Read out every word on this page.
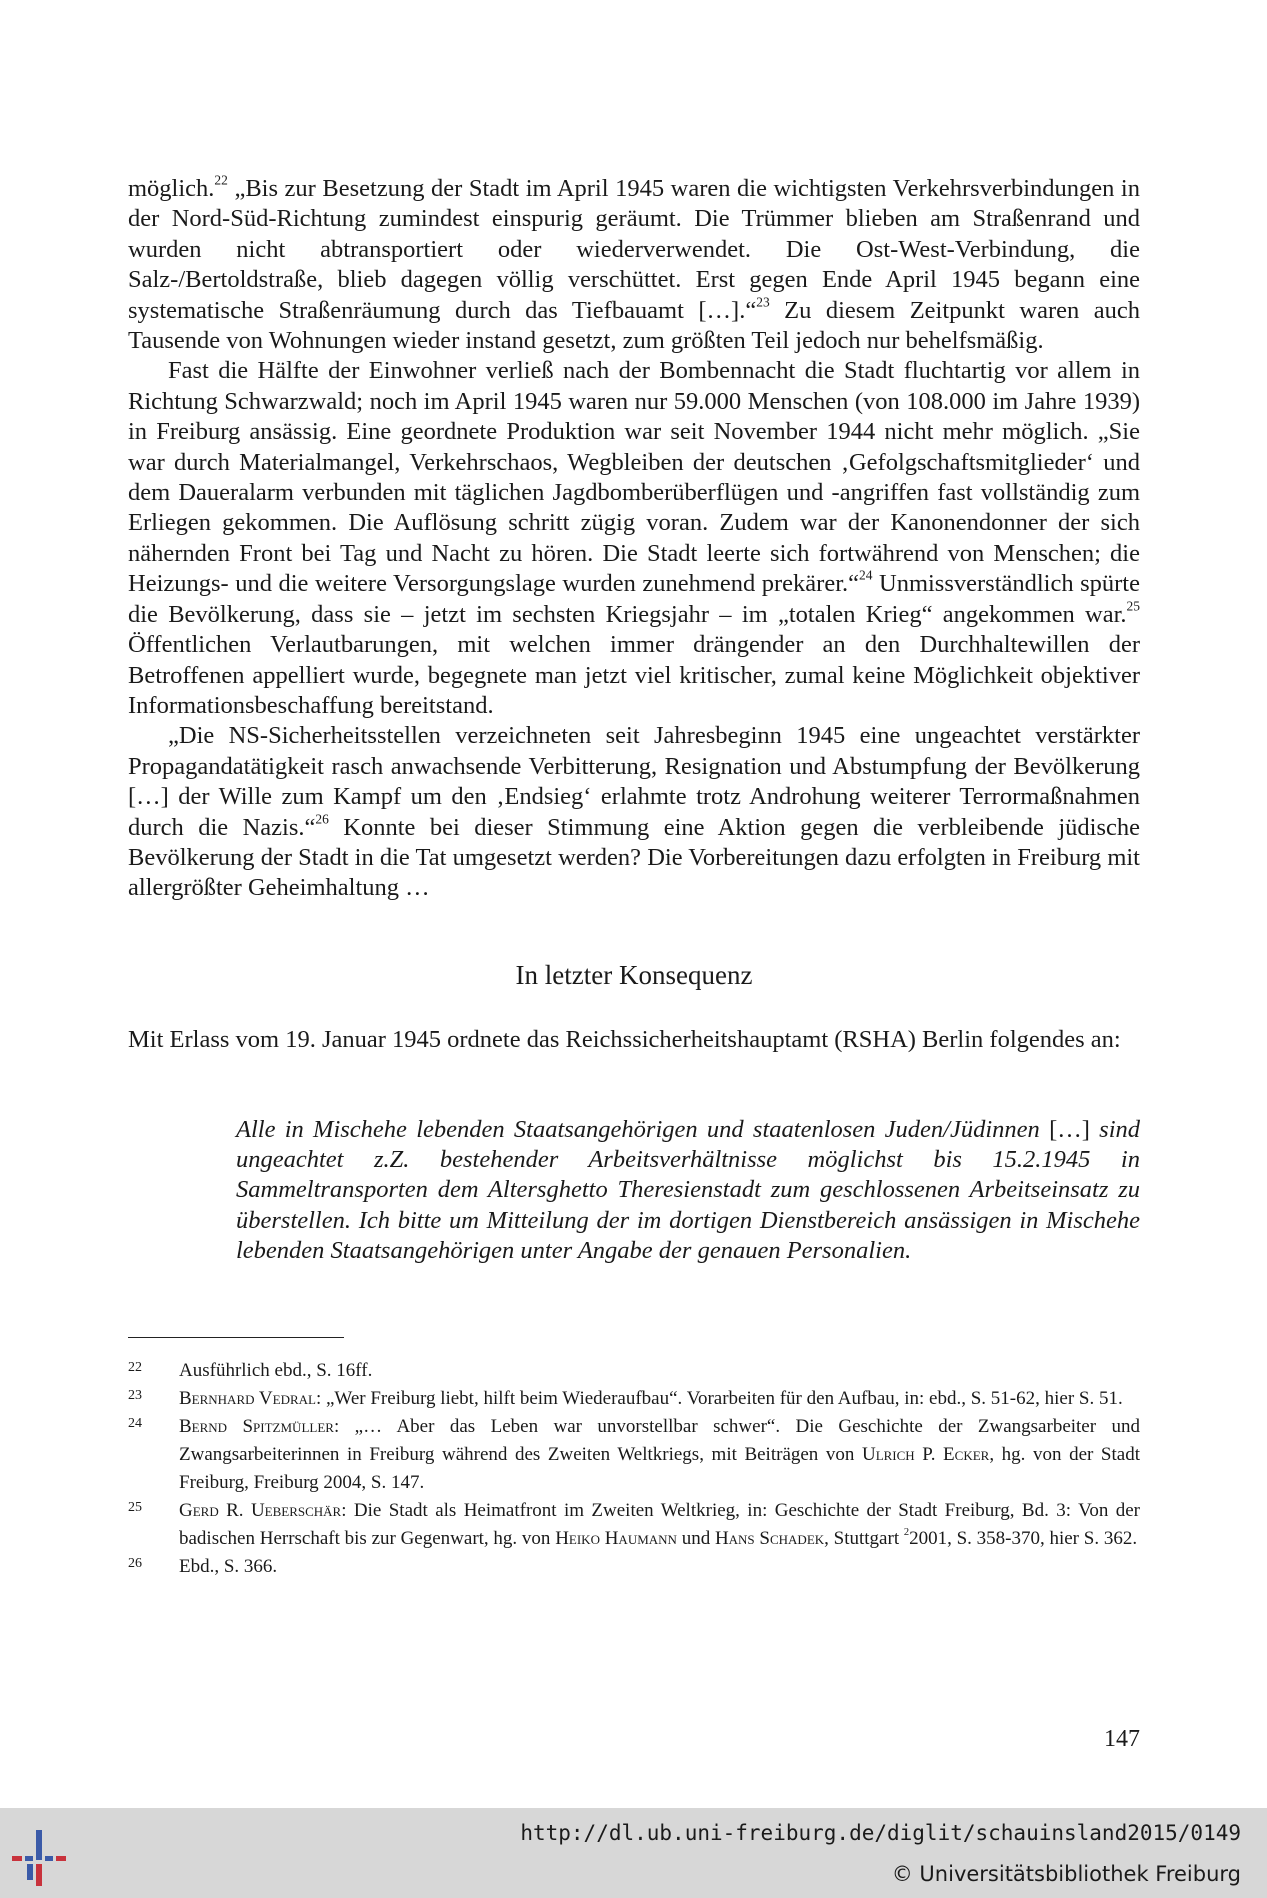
möglich.$^{22}$ „Bis zur Besetzung der Stadt im April 1945 waren die wichtigsten Verkehrsverbindungen in der Nord-Süd-Richtung zumindest einspurig geräumt. Die Trümmer blieben am Straßenrand und wurden nicht abtransportiert oder wiederverwendet. Die Ost-West-Verbindung, die Salz-/Bertoldstraße, blieb dagegen völlig verschüttet. Erst gegen Ende April 1945 begann eine systematische Straßenräumung durch das Tiefbauamt […].“$^{23}$ Zu diesem Zeitpunkt waren auch Tausende von Wohnungen wieder instand gesetzt, zum größten Teil jedoch nur behelfsmäßig.

Fast die Hälfte der Einwohner verließ nach der Bombennacht die Stadt fluchtartig vor allem in Richtung Schwarzwald; noch im April 1945 waren nur 59.000 Menschen (von 108.000 im Jahre 1939) in Freiburg ansässig. Eine geordnete Produktion war seit November 1944 nicht mehr möglich. „Sie war durch Materialmangel, Verkehrschaos, Wegbleiben der deutschen ‚Gefolgschaftsmitglieder‘ und dem Daueralarm verbunden mit täglichen Jagdbomberüberflügen und -angriffen fast vollständig zum Erliegen gekommen. Die Auflösung schritt zügig voran. Zudem war der Kanonendonner der sich nähernden Front bei Tag und Nacht zu hören. Die Stadt leerte sich fortwährend von Menschen; die Heizungs- und die weitere Versorgungslage wurden zunehmend prekärer.“$^{24}$ Unmissverständlich spürte die Bevölkerung, dass sie – jetzt im sechsten Kriegsjahr – im „totalen Krieg“ angekommen war.$^{25}$ Öffentlichen Verlautbarungen, mit welchen immer drängender an den Durchhaltewillen der Betroffenen appelliert wurde, begegnete man jetzt viel kritischer, zumal keine Möglichkeit objektiver Informationsbeschaffung bereitstand.

„Die NS-Sicherheitsstellen verzeichneten seit Jahresbeginn 1945 eine ungeachtet verstärkter Propagandatätigkeit rasch anwachsende Verbitterung, Resignation und Abstumpfung der Bevölkerung […] der Wille zum Kampf um den ‚Endsieg‘ erlahmte trotz Androhung weiterer Terrormaßnahmen durch die Nazis.“$^{26}$ Konnte bei dieser Stimmung eine Aktion gegen die verbleibende jüdische Bevölkerung der Stadt in die Tat umgesetzt werden? Die Vorbereitungen dazu erfolgten in Freiburg mit allergrößter Geheimhaltung …

In letzter Konsequenz

Mit Erlass vom 19. Januar 1945 ordnete das Reichssicherheitshauptamt (RSHA) Berlin folgendes an:

Alle in Mischehe lebenden Staatsangehörigen und staatenlosen Juden/Jüdinnen […] sind ungeachtet z.Z. bestehender Arbeitsverhältnisse möglichst bis 15.2.1945 in Sammeltransporten dem Altersghetto Theresienstadt zum geschlossenen Arbeitseinsatz zu überstellen. Ich bitte um Mitteilung der im dortigen Dienstbereich ansässigen in Mischehe lebenden Staatsangehörigen unter Angabe der genauen Personalien.

22	Ausführlich ebd., S. 16ff.

23	Bernhard Vedral: „Wer Freiburg liebt, hilft beim Wiederaufbau“. Vorarbeiten für den Aufbau, in: ebd., S. 51-62, hier S. 51.

24	Bernd Spitzmüller: „… Aber das Leben war unvorstellbar schwer“. Die Geschichte der Zwangsarbeiter und Zwangsarbeiterinnen in Freiburg während des Zweiten Weltkriegs, mit Beiträgen von Ulrich P. Ecker, hg. von der Stadt Freiburg, Freiburg 2004, S. 147.

25	Gerd R. Ueberschär: Die Stadt als Heimatfront im Zweiten Weltkrieg, in: Geschichte der Stadt Freiburg, Bd. 3: Von der badischen Herrschaft bis zur Gegenwart, hg. von Heiko Haumann und Hans Schadek, Stuttgart $^2$2001, S. 358-370, hier S. 362.

26	Ebd., S. 366.

147
http://dl.ub.uni-freiburg.de/diglit/schauinsland2015/0149
© Universitätsbibliothek Freiburg
